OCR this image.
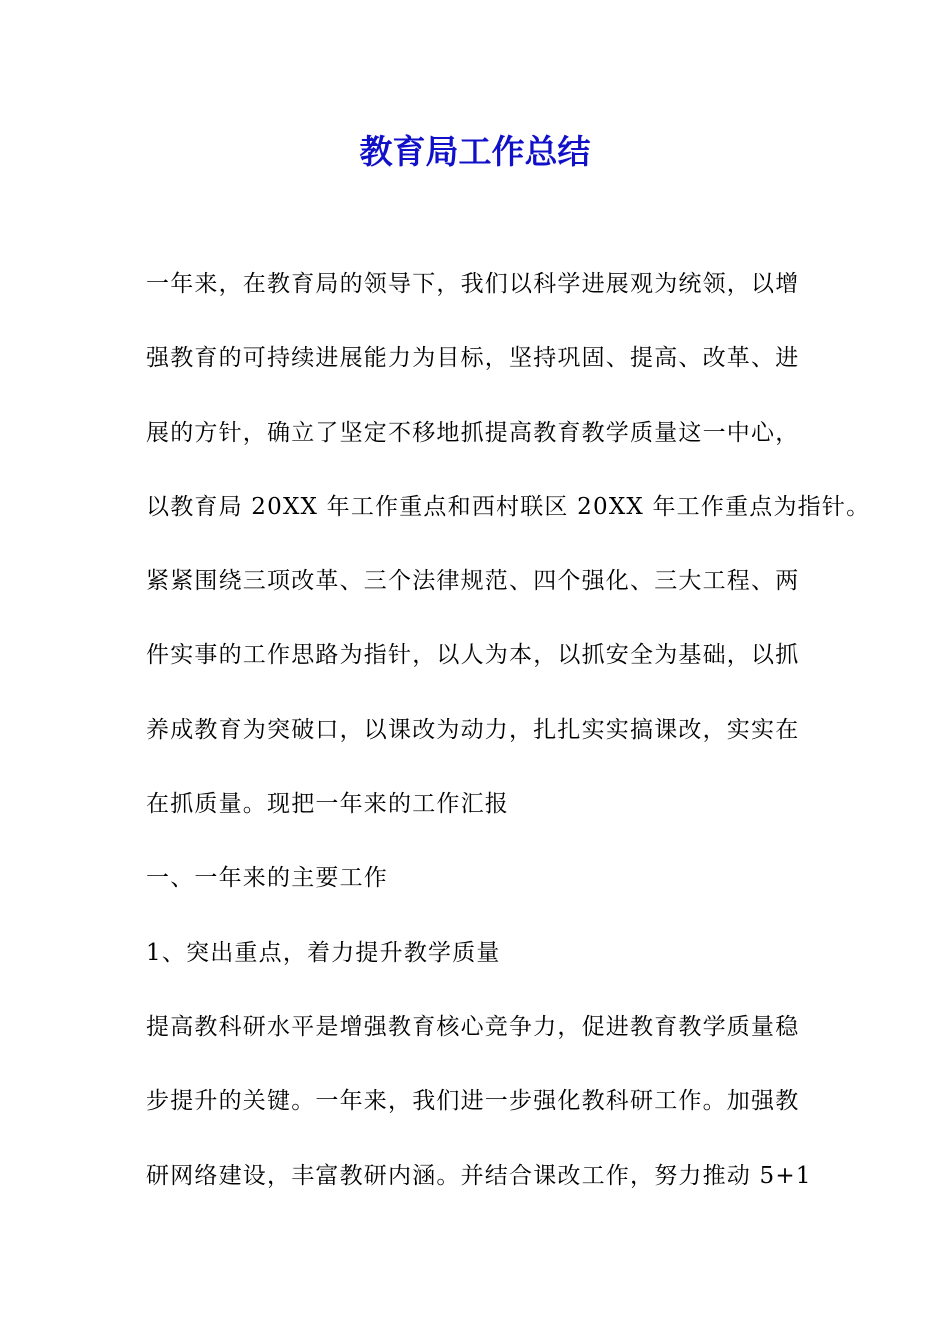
教育局工作总结
一年来，在教育局的领导下，我们以科学进展观为统领，以增
强教育的可持续进展能力为目标，坚持巩固、提高、改革、进
展的方针，确立了坚定不移地抓提高教育教学质量这一中心，
以教育局 20XX 年工作重点和西村联区 20XX 年工作重点为指针。
紧紧围绕三项改革、三个法律规范、四个强化、三大工程、两
件实事的工作思路为指针，以人为本，以抓安全为基础，以抓
养成教育为突破口，以课改为动力，扎扎实实搞课改，实实在
在抓质量。现把一年来的工作汇报
一、一年来的主要工作
1、突出重点，着力提升教学质量
提高教科研水平是增强教育核心竞争力，促进教育教学质量稳
步提升的关键。一年来，我们进一步强化教科研工作。加强教
研网络建设，丰富教研内涵。并结合课改工作，努力推动 5+1
